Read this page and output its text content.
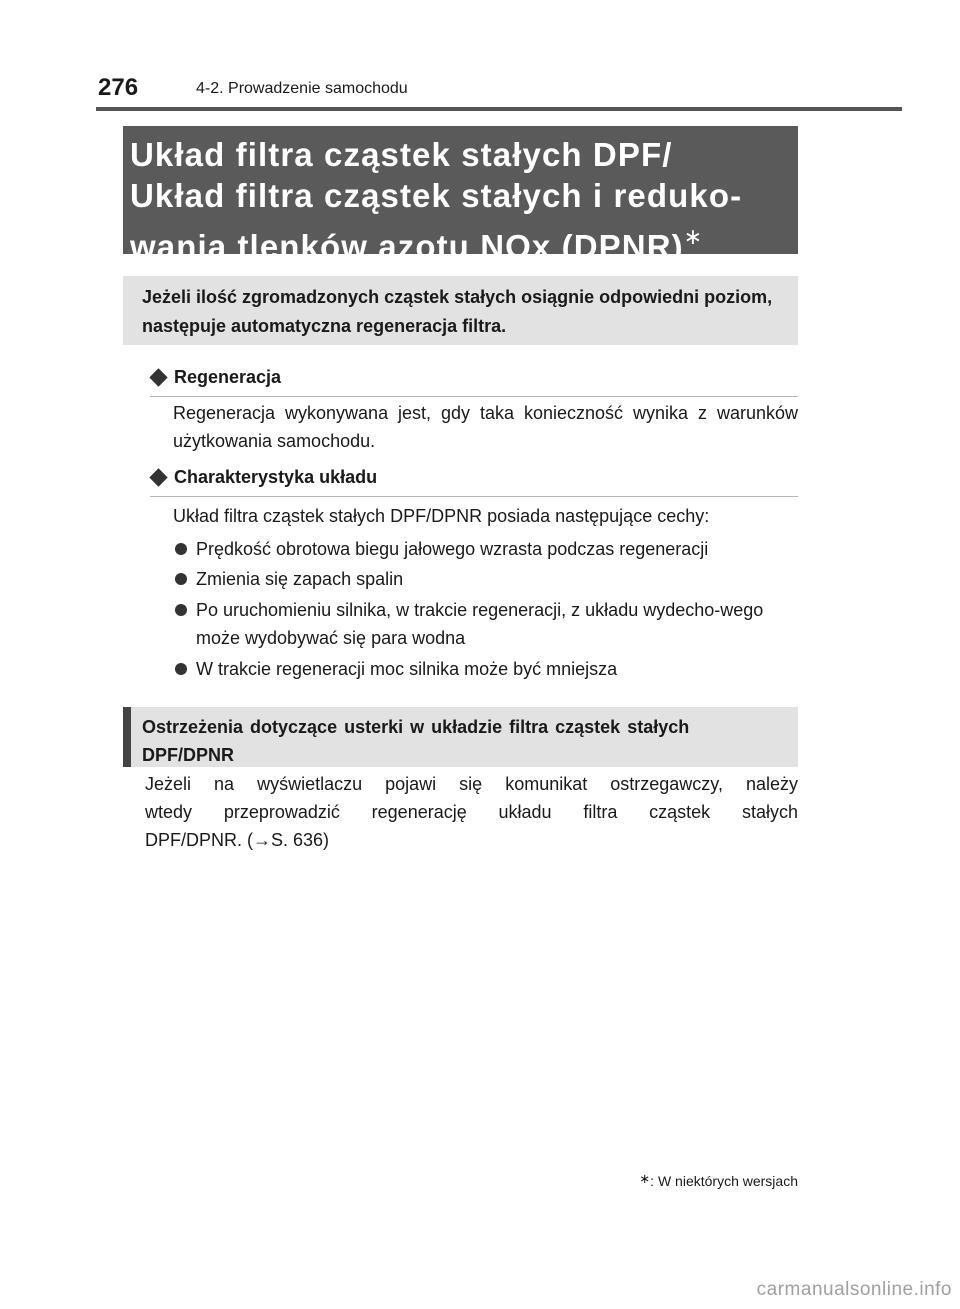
276	4-2. Prowadzenie samochodu
Układ filtra cząstek stałych DPF/
Układ filtra cząstek stałych i reduko-
wania tlenków azotu NOx (DPNR)∗
Jeżeli ilość zgromadzonych cząstek stałych osiągnie odpowiedni poziom, następuje automatyczna regeneracja filtra.
Regeneracja
Regeneracja wykonywana jest, gdy taka konieczność wynika z warunków użytkowania samochodu.
Charakterystyka układu
Układ filtra cząstek stałych DPF/DPNR posiada następujące cechy:
Prędkość obrotowa biegu jałowego wzrasta podczas regeneracji
Zmienia się zapach spalin
Po uruchomieniu silnika, w trakcie regeneracji, z układu wydecho-wego może wydobywać się para wodna
W trakcie regeneracji moc silnika może być mniejsza
Ostrzeżenia dotyczące usterki w układzie filtra cząstek stałych DPF/DPNR
Jeżeli na wyświetlaczu pojawi się komunikat ostrzegawczy, należy
wtedy przeprowadzić regenerację układu filtra cząstek stałych
DPF/DPNR. (→S. 636)
∗: W niektórych wersjach
carmanualsonline.info
